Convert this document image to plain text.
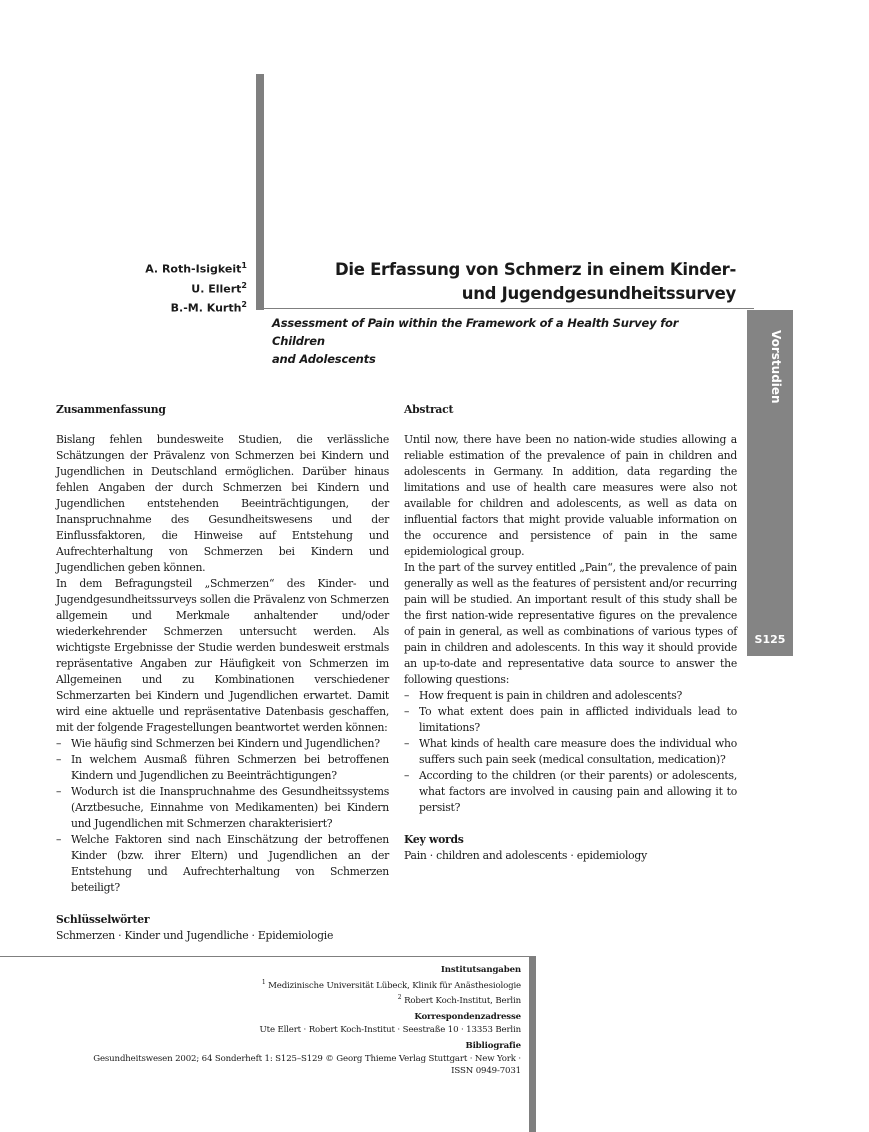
A. Roth-Isigkeit$^1$
U. Ellert$^2$
B.-M. Kurth$^2$
Die Erfassung von Schmerz in einem Kinder-
und Jugendgesundheitssurvey
Assessment of Pain within the Framework of a Health Survey for Children
and Adolescents	Vorstudien
S125
Zusammenfassung

Bislang fehlen bundesweite Studien, die verlässliche Schätzungen der Prävalenz von Schmerzen bei Kindern und Jugendlichen in Deutschland ermöglichen. Darüber hinaus fehlen Angaben der durch Schmerzen bei Kindern und Jugendlichen entstehenden Beeinträchtigungen, der Inanspruchnahme des Gesundheitswesens und der Einflussfaktoren, die Hinweise auf Entstehung und Aufrechterhaltung von Schmerzen bei Kindern und Jugendlichen geben können.

In dem Befragungsteil „Schmerzen“ des Kinder- und Jugendgesundheitssurveys sollen die Prävalenz von Schmerzen allgemein und Merkmale anhaltender und/oder wiederkehrender Schmerzen untersucht werden. Als wichtigste Ergebnisse der Studie werden bundesweit erstmals repräsentative Angaben zur Häufigkeit von Schmerzen im Allgemeinen und zu Kombinationen verschiedener Schmerzarten bei Kindern und Jugendlichen erwartet. Damit wird eine aktuelle und repräsentative Datenbasis geschaffen, mit der folgende Fragestellungen beantwortet werden können:

– Wie häufig sind Schmerzen bei Kindern und Jugendlichen?
– In welchem Ausmaß führen Schmerzen bei betroffenen Kindern und Jugendlichen zu Beeinträchtigungen?
– Wodurch ist die Inanspruchnahme des Gesundheitssystems (Arztbesuche, Einnahme von Medikamenten) bei Kindern und Jugendlichen mit Schmerzen charakterisiert?
– Welche Faktoren sind nach Einschätzung der betroffenen Kinder (bzw. ihrer Eltern) und Jugendlichen an der Entstehung und Aufrechterhaltung von Schmerzen beteiligt?
Schlüsselwörter
Schmerzen · Kinder und Jugendliche · Epidemiologie
Abstract

Until now, there have been no nation-wide studies allowing a reliable estimation of the prevalence of pain in children and adolescents in Germany. In addition, data regarding the limitations and use of health care measures were also not available for children and adolescents, as well as data on influential factors that might provide valuable information on the occurence and persistence of pain in the same epidemiological group.

In the part of the survey entitled „Pain“, the prevalence of pain generally as well as the features of persistent and/or recurring pain will be studied. An important result of this study shall be the first nation-wide representative figures on the prevalence of pain in general, as well as combinations of various types of pain in children and adolescents. In this way it should provide an up-to-date and representative data source to answer the following questions:

– How frequent is pain in children and adolescents?
– To what extent does pain in afflicted individuals lead to limitations?
– What kinds of health care measure does the individual who suffers such pain seek (medical consultation, medication)?
– According to the children (or their parents) or adolescents, what factors are involved in causing pain and allowing it to persist?
Key words
Pain · children and adolescents · epidemiology
Institutsangaben
$^1$ Medizinische Universität Lübeck, Klinik für Anästhesiologie
$^2$ Robert Koch-Institut, Berlin
Korrespondenzadresse
Ute Ellert · Robert Koch-Institut · Seestraße 10 · 13353 Berlin
Bibliografie
Gesundheitswesen 2002; 64 Sonderheft 1: S125–S129 © Georg Thieme Verlag Stuttgart · New York ·
ISSN 0949-7031
